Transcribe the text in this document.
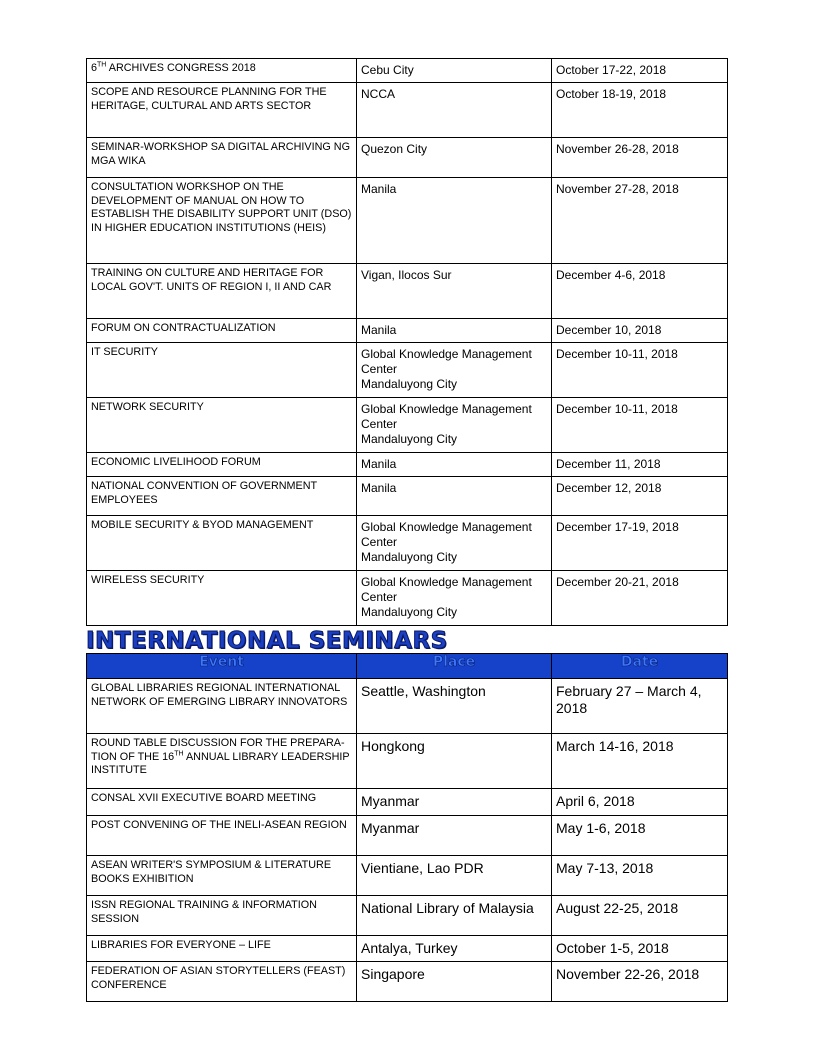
6TH ARCHIVES CONGRESS 2018	Cebu City	October 17-22, 2018
SCOPE AND RESOURCE PLANNING FOR THE HERITAGE, CULTURAL AND ARTS SECTOR	NCCA	October 18-19, 2018
SEMINAR-WORKSHOP SA DIGITAL ARCHIVING NG MGA WIKA	Quezon City	November 26-28, 2018
CONSULTATION WORKSHOP ON THE DEVELOPMENT OF MANUAL ON HOW TO ESTABLISH THE DISABILITY SUPPORT UNIT (DSO) IN HIGHER EDUCATION INSTITUTIONS (HEIS)	Manila	November 27-28, 2018
TRAINING ON CULTURE AND HERITAGE FOR LOCAL GOV'T. UNITS OF REGION I, II AND CAR	Vigan, Ilocos Sur	December 4-6, 2018
FORUM ON CONTRACTUALIZATION	Manila	December 10, 2018
IT SECURITY	Global Knowledge Management
Center
Mandaluyong City	December 10-11, 2018
NETWORK SECURITY	Global Knowledge Management
Center
Mandaluyong City	December 10-11, 2018
ECONOMIC LIVELIHOOD FORUM	Manila	December 11, 2018
NATIONAL CONVENTION OF GOVERNMENT EMPLOYEES	Manila	December 12, 2018
MOBILE SECURITY & BYOD MANAGEMENT	Global Knowledge Management
Center
Mandaluyong City	December 17-19, 2018
WIRELESS SECURITY	Global Knowledge Management
Center
Mandaluyong City	December 20-21, 2018
INTERNATIONAL SEMINARS
Event	Place	Date
GLOBAL LIBRARIES REGIONAL INTERNATIONAL NETWORK OF EMERGING LIBRARY INNOVATORS	Seattle, Washington	February 27 – March 4, 2018
ROUND TABLE DISCUSSION FOR THE PREPARA-TION OF THE 16TH ANNUAL LIBRARY LEADERSHIP INSTITUTE	Hongkong	March 14-16, 2018
CONSAL XVII EXECUTIVE BOARD MEETING	Myanmar	April 6, 2018
POST CONVENING OF THE INELI-ASEAN REGION	Myanmar	May 1-6, 2018
ASEAN WRITER'S SYMPOSIUM & LITERATURE BOOKS EXHIBITION	Vientiane, Lao PDR	May 7-13, 2018
ISSN REGIONAL TRAINING & INFORMATION SESSION	National Library of Malaysia	August 22-25, 2018
LIBRARIES FOR EVERYONE – LIFE	Antalya, Turkey	October 1-5, 2018
FEDERATION OF ASIAN STORYTELLERS (FEAST) CONFERENCE	Singapore	November 22-26, 2018
